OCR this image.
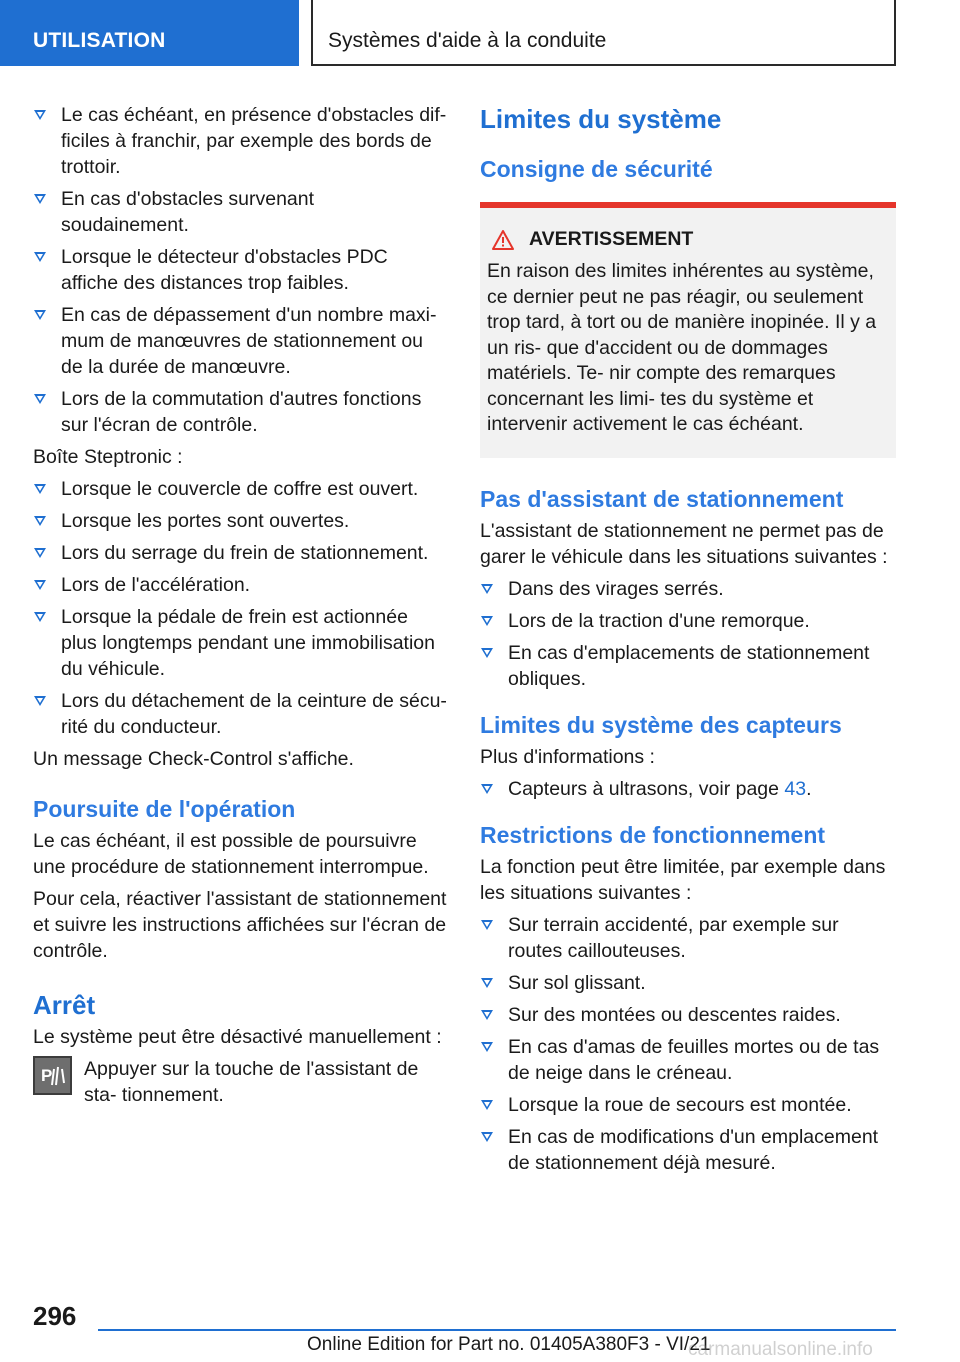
UTILISATION	Systèmes d'aide à la conduite
Le cas échéant, en présence d'obstacles dif- ficiles à franchir, par exemple des bords de trottoir.
En cas d'obstacles survenant soudainement.
Lorsque le détecteur d'obstacles PDC affiche des distances trop faibles.
En cas de dépassement d'un nombre maxi- mum de manœuvres de stationnement ou de la durée de manœuvre.
Lors de la commutation d'autres fonctions sur l'écran de contrôle.

Boîte Steptronic :

Lorsque le couvercle de coffre est ouvert.
Lorsque les portes sont ouvertes.
Lors du serrage du frein de stationnement.
Lors de l'accélération.
Lorsque la pédale de frein est actionnée plus longtemps pendant une immobilisation du véhicule.
Lors du détachement de la ceinture de sécu- rité du conducteur.

Un message Check-Control s'affiche.

Poursuite de l'opération

Le cas échéant, il est possible de poursuivre une procédure de stationnement interrompue.

Pour cela, réactiver l'assistant de stationnement et suivre les instructions affichées sur l'écran de contrôle.

Arrêt

Le système peut être désactivé manuellement :

P Appuyer sur la touche de l'assistant de sta- tionnement.
Limites du système
Consigne de sécurité
AVERTISSEMENT
En raison des limites inhérentes au système, ce dernier peut ne pas réagir, ou seulement trop tard, à tort ou de manière inopinée. Il y a un ris- que d'accident ou de dommages matériels. Te- nir compte des remarques concernant les limi- tes du système et intervenir activement le cas échéant.
Pas d'assistant de stationnement

L'assistant de stationnement ne permet pas de garer le véhicule dans les situations suivantes :

Dans des virages serrés.
Lors de la traction d'une remorque.
En cas d'emplacements de stationnement obliques.
Limites du système des capteurs

Plus d'informations :

Capteurs à ultrasons, voir page 43.
Restrictions de fonctionnement

La fonction peut être limitée, par exemple dans les situations suivantes :

Sur terrain accidenté, par exemple sur routes caillouteuses.
Sur sol glissant.
Sur des montées ou descentes raides.
En cas d'amas de feuilles mortes ou de tas de neige dans le créneau.
Lorsque la roue de secours est montée.
En cas de modifications d'un emplacement de stationnement déjà mesuré.
296
Online Edition for Part no. 01405A380F3 - VI/21
carmanualsonline.info
